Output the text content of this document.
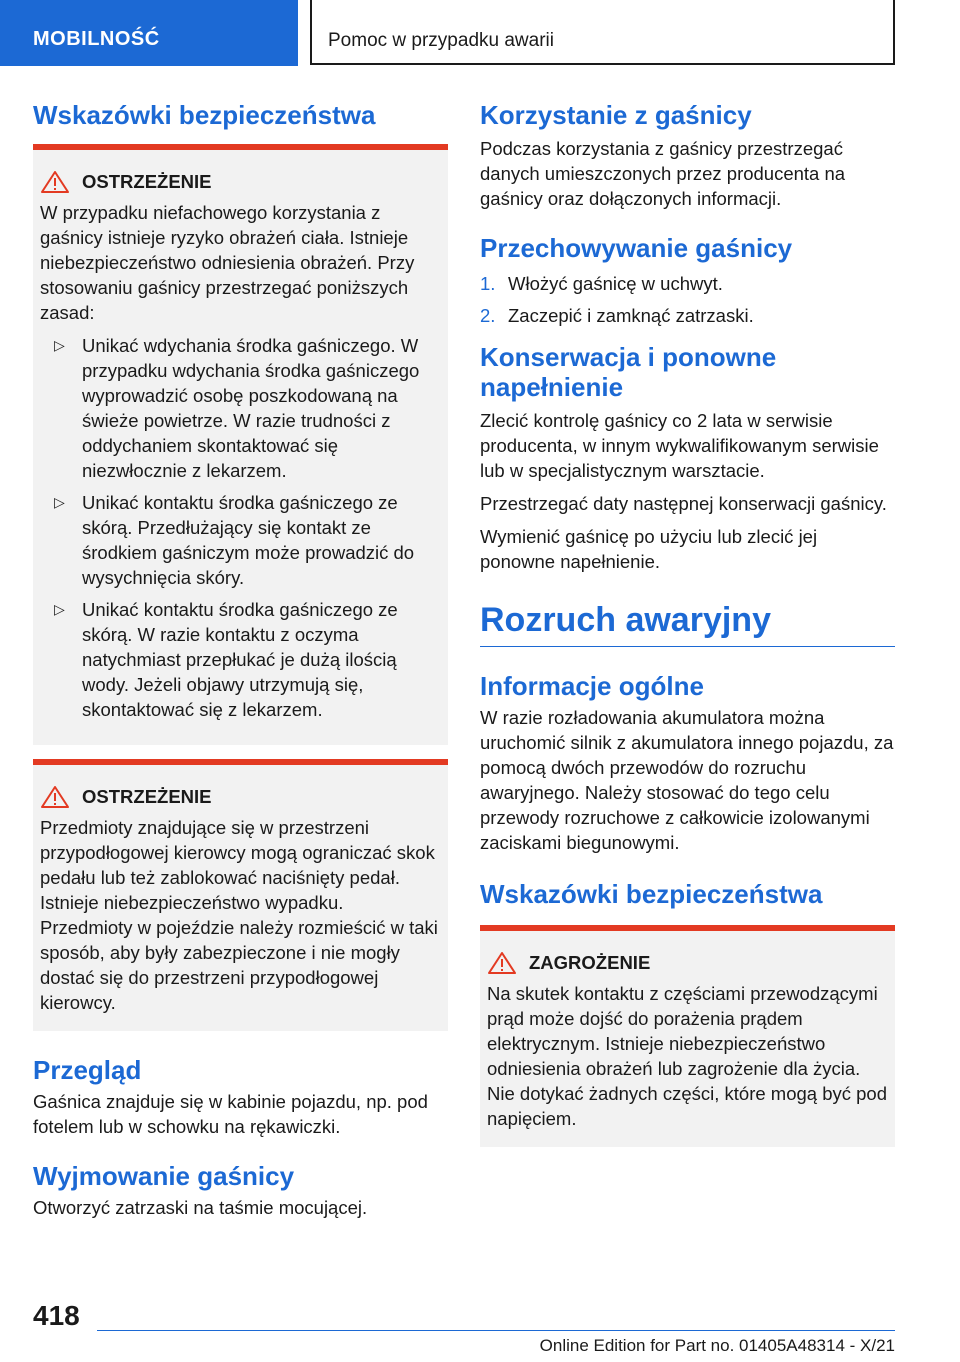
MOBILNOŚĆ	Pomoc w przypadku awarii
Wskazówki bezpieczeństwa
OSTRZEŻENIE

W przypadku niefachowego korzystania z gaśnicy istnieje ryzyko obrażeń ciała. Istnieje niebezpieczeństwo odniesienia obrażeń. Przy stosowaniu gaśnicy przestrzegać poniższych zasad:

▷ Unikać wdychania środka gaśniczego. W przypadku wdychania środka gaśniczego wyprowadzić osobę poszkodowaną na świeże powietrze. W razie trudności z oddychaniem skontaktować się niezwłocznie z lekarzem.
▷ Unikać kontaktu środka gaśniczego ze skórą. Przedłużający się kontakt ze środkiem gaśniczym może prowadzić do wysychnięcia skóry.
▷ Unikać kontaktu środka gaśniczego ze skórą. W razie kontaktu z oczyma natychmiast przepłukać je dużą ilością wody. Jeżeli objawy utrzymują się, skontaktować się z lekarzem.
OSTRZEŻENIE

Przedmioty znajdujące się w przestrzeni przypodłogowej kierowcy mogą ograniczać skok pedału lub też zablokować naciśnięty pedał. Istnieje niebezpieczeństwo wypadku. Przedmioty w pojeździe należy rozmieścić w taki sposób, aby były zabezpieczone i nie mogły dostać się do przestrzeni przypodłogowej kierowcy.

Przegląd

Gaśnica znajduje się w kabinie pojazdu, np. pod fotelem lub w schowku na rękawiczki.

Wyjmowanie gaśnicy

Otworzyć zatrzaski na taśmie mocującej.

Korzystanie z gaśnicy

Podczas korzystania z gaśnicy przestrzegać danych umieszczonych przez producenta na gaśnicy oraz dołączonych informacji.

Przechowywanie gaśnicy
1. Włożyć gaśnicę w uchwyt.
2. Zaczepić i zamknąć zatrzaski.
Konserwacja i ponowne napełnienie

Zlecić kontrolę gaśnicy co 2 lata w serwisie producenta, w innym wykwalifikowanym serwisie lub w specjalistycznym warsztacie.

Przestrzegać daty następnej konserwacji gaśnicy.

Wymienić gaśnicę po użyciu lub zlecić jej ponowne napełnienie.

Rozruch awaryjny
Informacje ogólne

W razie rozładowania akumulatora można uruchomić silnik z akumulatora innego pojazdu, za pomocą dwóch przewodów do rozruchu awaryjnego. Należy stosować do tego celu przewody rozruchowe z całkowicie izolowanymi zaciskami biegunowymi.

Wskazówki bezpieczeństwa
ZAGROŻENIE

Na skutek kontaktu z częściami przewodzącymi prąd może dojść do porażenia prądem elektrycznym. Istnieje niebezpieczeństwo odniesienia obrażeń lub zagrożenie dla życia. Nie dotykać żadnych części, które mogą być pod napięciem.

418
Online Edition for Part no. 01405A48314 - X/21
